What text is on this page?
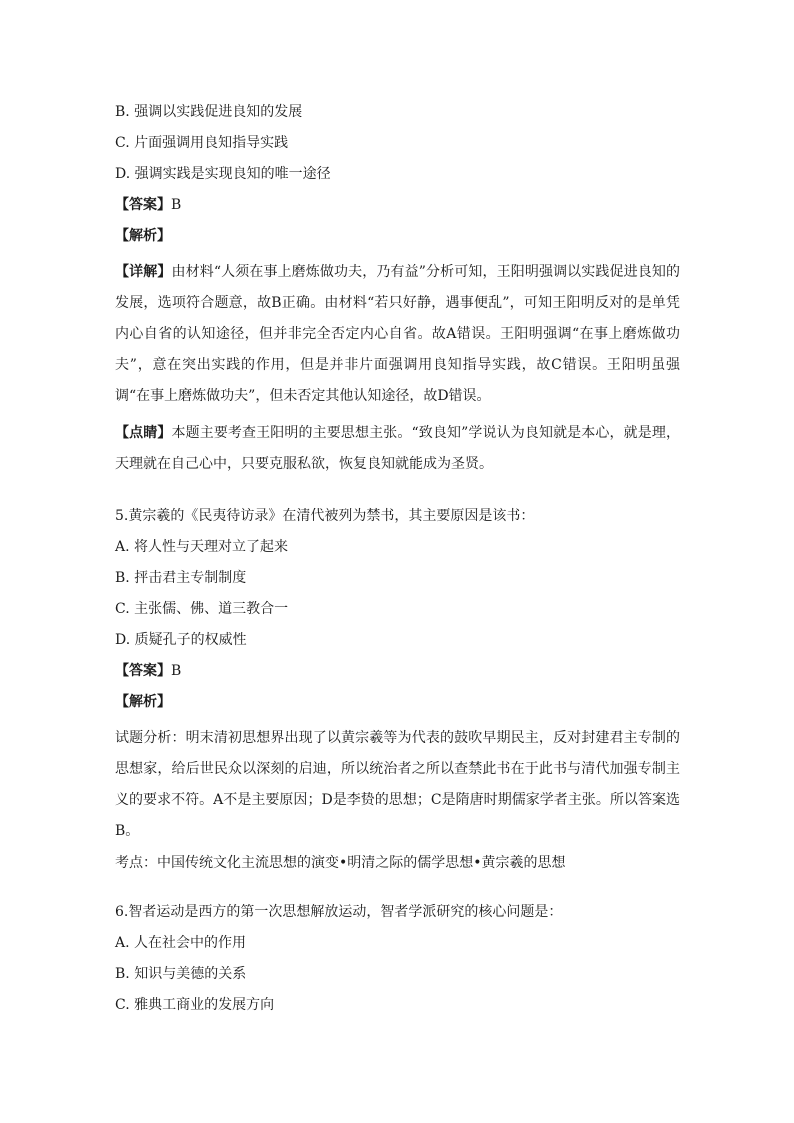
B. 强调以实践促进良知的发展
C. 片面强调用良知指导实践
D. 强调实践是实现良知的唯一途径
【答案】B
【解析】
【详解】由材料“人须在事上磨炼做功夫，乃有益”分析可知，王阳明强调以实践促进良知的发展，选项符合题意，故B正确。由材料“若只好静，遇事便乱”，可知王阳明反对的是单凭内心自省的认知途径，但并非完全否定内心自省。故A错误。王阳明强调“在事上磨炼做功夫”，意在突出实践的作用，但是并非片面强调用良知指导实践，故C错误。王阳明虽强调“在事上磨炼做功夫”，但未否定其他认知途径，故D错误。
【点睛】本题主要考查王阳明的主要思想主张。“致良知”学说认为良知就是本心，就是理，天理就在自己心中，只要克服私欲，恢复良知就能成为圣贤。
5.黄宗羲的《民夷待访录》在清代被列为禁书，其主要原因是该书：
A. 将人性与天理对立了起来
B. 抨击君主专制制度
C. 主张儒、佛、道三教合一
D. 质疑孔子的权威性
【答案】B
【解析】
试题分析：明末清初思想界出现了以黄宗羲等为代表的鼓吹早期民主，反对封建君主专制的思想家，给后世民众以深刻的启迪，所以统治者之所以查禁此书在于此书与清代加强专制主义的要求不符。A不是主要原因；D是李贽的思想；C是隋唐时期儒家学者主张。所以答案选B。
考点：中国传统文化主流思想的演变•明清之际的儒学思想•黄宗羲的思想
6.智者运动是西方的第一次思想解放运动，智者学派研究的核心问题是：
A. 人在社会中的作用
B. 知识与美德的关系
C. 雅典工商业的发展方向
